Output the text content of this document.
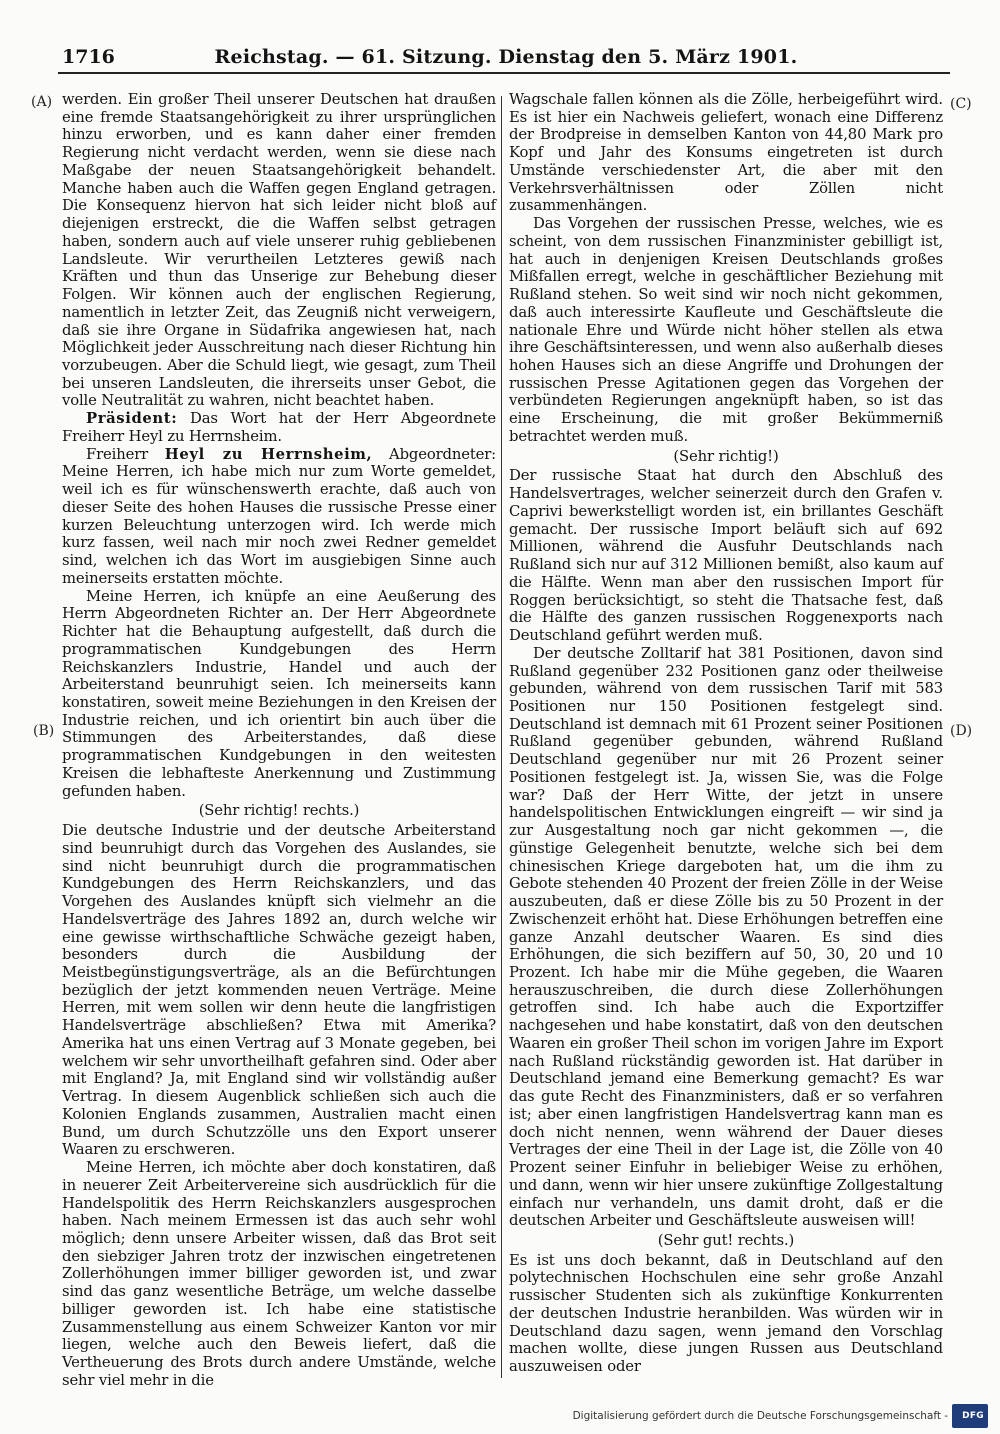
1716	Reichstag. — 61. Sitzung. Dienstag den 5. März 1901.
(A)
(B)
(C)
(D)

werden. Ein großer Theil unserer Deutschen hat draußen eine fremde Staatsangehörigkeit zu ihrer ursprünglichen hinzu erworben, und es kann daher einer fremden Regierung nicht verdacht werden, wenn sie diese nach Maßgabe der neuen Staatsangehörigkeit behandelt. Manche haben auch die Waffen gegen England getragen. Die Konsequenz hiervon hat sich leider nicht bloß auf diejenigen erstreckt, die die Waffen selbst getragen haben, sondern auch auf viele unserer ruhig gebliebenen Landsleute. Wir verurtheilen Letzteres gewiß nach Kräften und thun das Unserige zur Behebung dieser Folgen. Wir können auch der englischen Regierung, namentlich in letzter Zeit, das Zeugniß nicht verweigern, daß sie ihre Organe in Südafrika angewiesen hat, nach Möglichkeit jeder Ausschreitung nach dieser Richtung hin vorzubeugen. Aber die Schuld liegt, wie gesagt, zum Theil bei unseren Landsleuten, die ihrerseits unser Gebot, die volle Neutralität zu wahren, nicht beachtet haben.

Präsident: Das Wort hat der Herr Abgeordnete Freiherr Heyl zu Herrnsheim.

Freiherr Heyl zu Herrnsheim, Abgeordneter: Meine Herren, ich habe mich nur zum Worte gemeldet, weil ich es für wünschenswerth erachte, daß auch von dieser Seite des hohen Hauses die russische Presse einer kurzen Beleuchtung unterzogen wird. Ich werde mich kurz fassen, weil nach mir noch zwei Redner gemeldet sind, welchen ich das Wort im ausgiebigen Sinne auch meinerseits erstatten möchte.

Meine Herren, ich knüpfe an eine Aeußerung des Herrn Abgeordneten Richter an. Der Herr Abgeordnete Richter hat die Behauptung aufgestellt, daß durch die programmatischen Kundgebungen des Herrn Reichskanzlers Industrie, Handel und auch der Arbeiterstand beunruhigt seien. Ich meinerseits kann konstatiren, soweit meine Beziehungen in den Kreisen der Industrie reichen, und ich orientirt bin auch über die Stimmungen des Arbeiterstandes, daß diese programmatischen Kundgebungen in den weitesten Kreisen die lebhafteste Anerkennung und Zustimmung gefunden haben.

(Sehr richtig! rechts.)

Die deutsche Industrie und der deutsche Arbeiterstand sind beunruhigt durch das Vorgehen des Auslandes, sie sind nicht beunruhigt durch die programmatischen Kundgebungen des Herrn Reichskanzlers, und das Vorgehen des Auslandes knüpft sich vielmehr an die Handelsverträge des Jahres 1892 an, durch welche wir eine gewisse wirthschaftliche Schwäche gezeigt haben, besonders durch die Ausbildung der Meistbegünstigungsverträge, als an die Befürchtungen bezüglich der jetzt kommenden neuen Verträge. Meine Herren, mit wem sollen wir denn heute die langfristigen Handelsverträge abschließen? Etwa mit Amerika? Amerika hat uns einen Vertrag auf 3 Monate gegeben, bei welchem wir sehr unvortheilhaft gefahren sind. Oder aber mit England? Ja, mit England sind wir vollständig außer Vertrag. In diesem Augenblick schließen sich auch die Kolonien Englands zusammen, Australien macht einen Bund, um durch Schutzzölle uns den Export unserer Waaren zu erschweren.

Meine Herren, ich möchte aber doch konstatiren, daß in neuerer Zeit Arbeitervereine sich ausdrücklich für die Handelspolitik des Herrn Reichskanzlers ausgesprochen haben. Nach meinem Ermessen ist das auch sehr wohl möglich; denn unsere Arbeiter wissen, daß das Brot seit den siebziger Jahren trotz der inzwischen eingetretenen Zollerhöhungen immer billiger geworden ist, und zwar sind das ganz wesentliche Beträge, um welche dasselbe billiger geworden ist. Ich habe eine statistische Zusammenstellung aus einem Schweizer Kanton vor mir liegen, welche auch den Beweis liefert, daß die Vertheuerung des Brots durch andere Umstände, welche sehr viel mehr in die

Wagschale fallen können als die Zölle, herbeigeführt wird. Es ist hier ein Nachweis geliefert, wonach eine Differenz der Brodpreise in demselben Kanton von 44,80 Mark pro Kopf und Jahr des Konsums eingetreten ist durch Umstände verschiedenster Art, die aber mit den Verkehrsverhältnissen oder Zöllen nicht zusammenhängen.

Das Vorgehen der russischen Presse, welches, wie es scheint, von dem russischen Finanzminister gebilligt ist, hat auch in denjenigen Kreisen Deutschlands großes Mißfallen erregt, welche in geschäftlicher Beziehung mit Rußland stehen. So weit sind wir noch nicht gekommen, daß auch interessirte Kaufleute und Geschäftsleute die nationale Ehre und Würde nicht höher stellen als etwa ihre Geschäftsinteressen, und wenn also außerhalb dieses hohen Hauses sich an diese Angriffe und Drohungen der russischen Presse Agitationen gegen das Vorgehen der verbündeten Regierungen angeknüpft haben, so ist das eine Erscheinung, die mit großer Bekümmerniß betrachtet werden muß.

(Sehr richtig!)

Der russische Staat hat durch den Abschluß des Handelsvertrages, welcher seinerzeit durch den Grafen v. Caprivi bewerkstelligt worden ist, ein brillantes Geschäft gemacht. Der russische Import beläuft sich auf 692 Millionen, während die Ausfuhr Deutschlands nach Rußland sich nur auf 312 Millionen bemißt, also kaum auf die Hälfte. Wenn man aber den russischen Import für Roggen berücksichtigt, so steht die Thatsache fest, daß die Hälfte des ganzen russischen Roggenexports nach Deutschland geführt werden muß.

Der deutsche Zolltarif hat 381 Positionen, davon sind Rußland gegenüber 232 Positionen ganz oder theilweise gebunden, während von dem russischen Tarif mit 583 Positionen nur 150 Positionen festgelegt sind. Deutschland ist demnach mit 61 Prozent seiner Positionen Rußland gegenüber gebunden, während Rußland Deutschland gegenüber nur mit 26 Prozent seiner Positionen festgelegt ist. Ja, wissen Sie, was die Folge war? Daß der Herr Witte, der jetzt in unsere handelspolitischen Entwicklungen eingreift — wir sind ja zur Ausgestaltung noch gar nicht gekommen —, die günstige Gelegenheit benutzte, welche sich bei dem chinesischen Kriege dargeboten hat, um die ihm zu Gebote stehenden 40 Prozent der freien Zölle in der Weise auszubeuten, daß er diese Zölle bis zu 50 Prozent in der Zwischenzeit erhöht hat. Diese Erhöhungen betreffen eine ganze Anzahl deutscher Waaren. Es sind dies Erhöhungen, die sich beziffern auf 50, 30, 20 und 10 Prozent. Ich habe mir die Mühe gegeben, die Waaren herauszuschreiben, die durch diese Zollerhöhungen getroffen sind. Ich habe auch die Exportziffer nachgesehen und habe konstatirt, daß von den deutschen Waaren ein großer Theil schon im vorigen Jahre im Export nach Rußland rückständig geworden ist. Hat darüber in Deutschland jemand eine Bemerkung gemacht? Es war das gute Recht des Finanzministers, daß er so verfahren ist; aber einen langfristigen Handelsvertrag kann man es doch nicht nennen, wenn während der Dauer dieses Vertrages der eine Theil in der Lage ist, die Zölle von 40 Prozent seiner Einfuhr in beliebiger Weise zu erhöhen, und dann, wenn wir hier unsere zukünftige Zollgestaltung einfach nur verhandeln, uns damit droht, daß er die deutschen Arbeiter und Geschäftsleute ausweisen will!

(Sehr gut! rechts.)

Es ist uns doch bekannt, daß in Deutschland auf den polytechnischen Hochschulen eine sehr große Anzahl russischer Studenten sich als zukünftige Konkurrenten der deutschen Industrie heranbilden. Was würden wir in Deutschland dazu sagen, wenn jemand den Vorschlag machen wollte, diese jungen Russen aus Deutschland auszuweisen oder

Digitalisierung gefördert durch die Deutsche Forschungsgemeinschaft -	DFG
